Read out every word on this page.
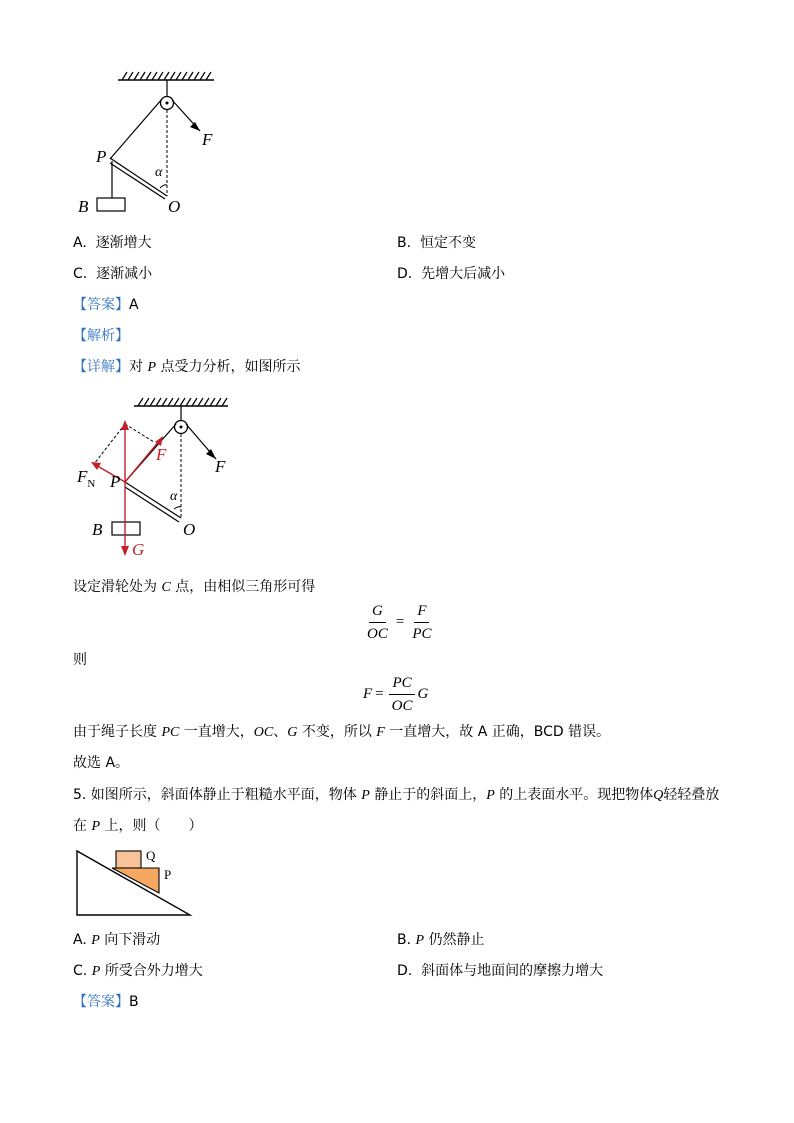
F
P
α
B	O
A. 逐渐增大	B. 恒定不变
C. 逐渐减小	D. 先增大后减小
【答案】A
【解析】
【详解】对 P 点受力分析，如图所示
F
F
$F_N$ P
α
B	O
G
设定滑轮处为 C 点，由相似三角形可得
$\frac{G}{OC} = \frac{F}{PC}$
则
$F = \frac{PC}{OC}$ G
由于绳子长度 PC 一直增大，OC、G 不变，所以 F 一直增大，故 A 正确，BCD 错误。
故选 A。
5. 如图所示，斜面体静止于粗糙水平面，物体 P 静止于的斜面上，P 的上表面水平。现把物体Q轻轻叠放
在 P 上，则（　　）
Q
P
A. P 向下滑动	B. P 仍然静止
C. P 所受合外力增大	D. 斜面体与地面间的摩擦力增大
【答案】B
